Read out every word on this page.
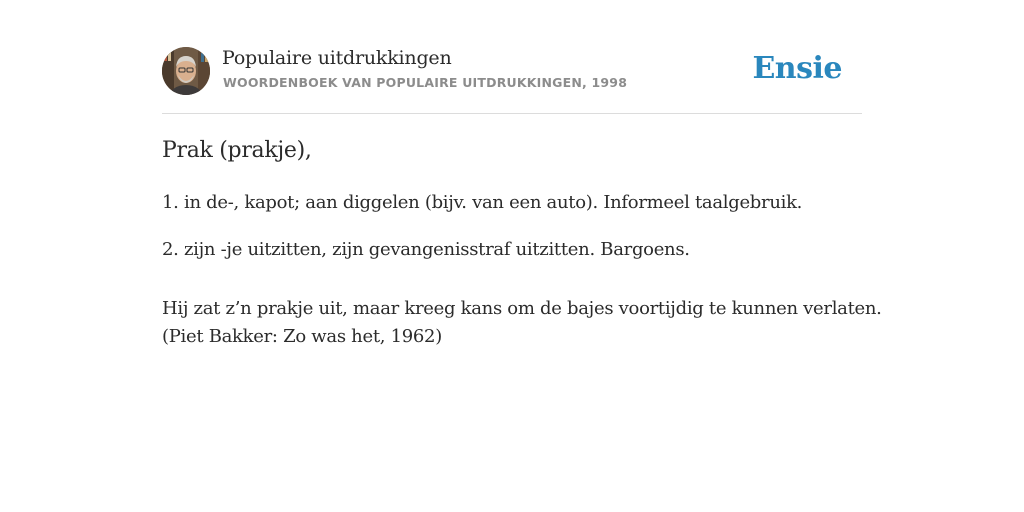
Populaire uitdrukkingen
WOORDENBOEK VAN POPULAIRE UITDRUKKINGEN, 1998	Ensie
Prak (prakje),
1. in de-, kapot; aan diggelen (bijv. van een auto). Informeel taalgebruik.
2. zijn -je uitzitten, zijn gevangenisstraf uitzitten. Bargoens.
Hij zat z’n prakje uit, maar kreeg kans om de bajes voortijdig te kunnen verlaten.
(Piet Bakker: Zo was het, 1962)
